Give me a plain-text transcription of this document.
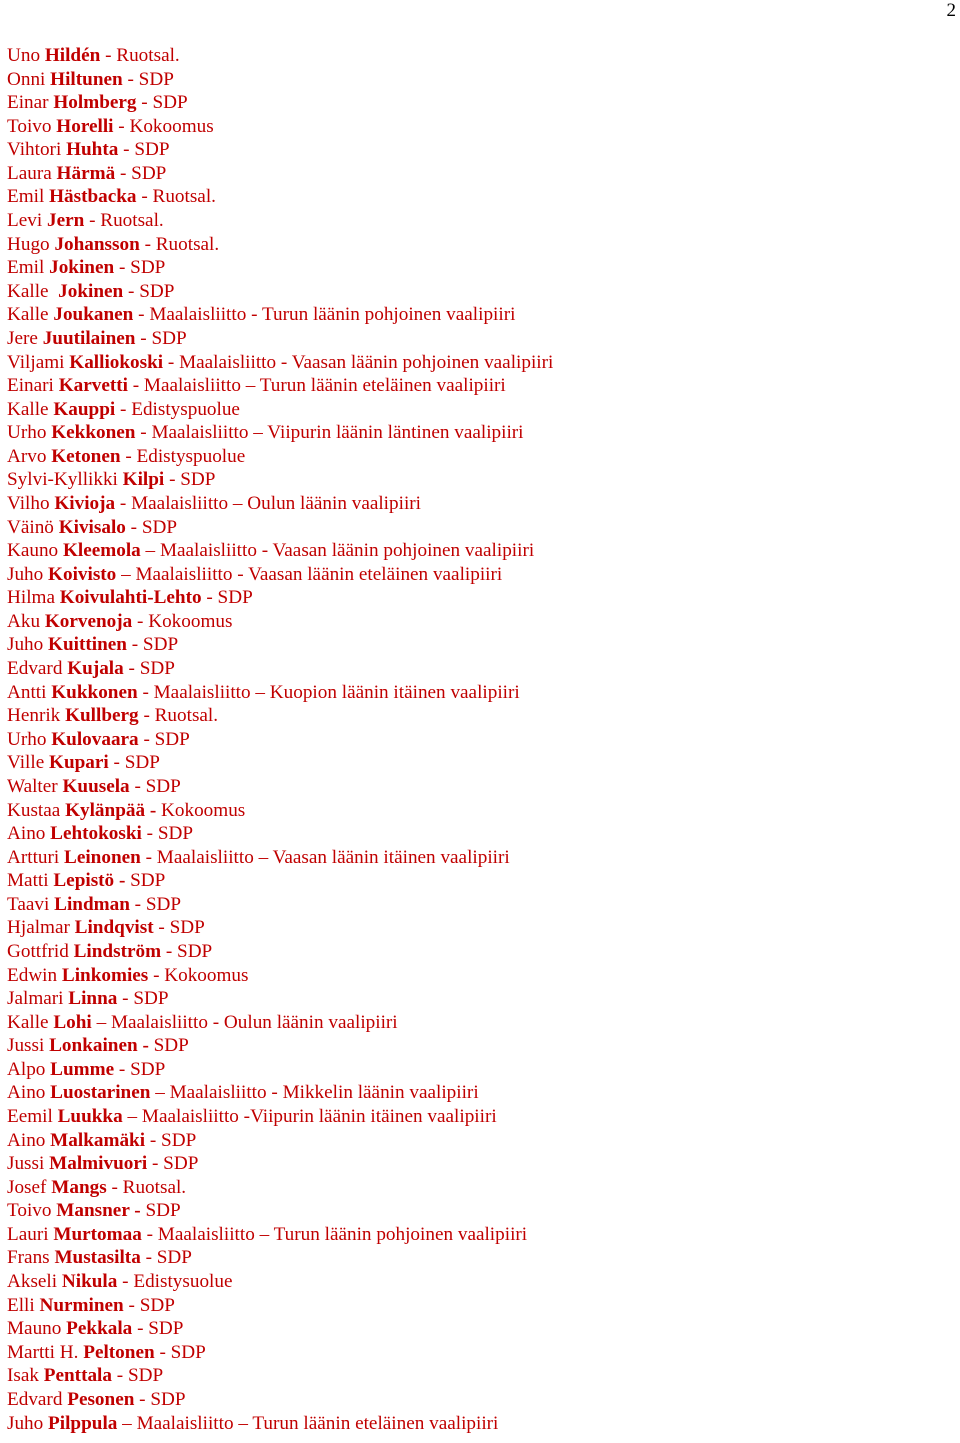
2
Uno Hildén - Ruotsal.
Onni Hiltunen - SDP
Einar Holmberg - SDP
Toivo Horelli - Kokoomus
Vihtori Huhta - SDP
Laura Härmä - SDP
Emil Hästbacka - Ruotsal.
Levi Jern - Ruotsal.
Hugo Johansson - Ruotsal.
Emil Jokinen - SDP
Kalle  Jokinen - SDP
Kalle Joukanen - Maalaisliitto - Turun läänin pohjoinen vaalipiiri
Jere Juutilainen - SDP
Viljami Kalliokoski - Maalaisliitto - Vaasan läänin pohjoinen vaalipiiri
Einari Karvetti - Maalaisliitto – Turun läänin eteläinen vaalipiiri
Kalle Kauppi - Edistyspuolue
Urho Kekkonen - Maalaisliitto – Viipurin läänin läntinen vaalipiiri
Arvo Ketonen - Edistyspuolue
Sylvi-Kyllikki Kilpi - SDP
Vilho Kivioja - Maalaisliitto – Oulun läänin vaalipiiri
Väinö Kivisalo - SDP
Kauno Kleemola – Maalaisliitto - Vaasan läänin pohjoinen vaalipiiri
Juho Koivisto – Maalaisliitto - Vaasan läänin eteläinen vaalipiiri
Hilma Koivulahti-Lehto - SDP
Aku Korvenoja - Kokoomus
Juho Kuittinen - SDP
Edvard Kujala - SDP
Antti Kukkonen - Maalaisliitto – Kuopion läänin itäinen vaalipiiri
Henrik Kullberg - Ruotsal.
Urho Kulovaara - SDP
Ville Kupari - SDP
Walter Kuusela - SDP
Kustaa Kylänpää - Kokoomus
Aino Lehtokoski - SDP
Artturi Leinonen - Maalaisliitto – Vaasan läänin itäinen vaalipiiri
Matti Lepistö - SDP
Taavi Lindman - SDP
Hjalmar Lindqvist - SDP
Gottfrid Lindström - SDP
Edwin Linkomies - Kokoomus
Jalmari Linna - SDP
Kalle Lohi – Maalaisliitto - Oulun läänin vaalipiiri
Jussi Lonkainen - SDP
Alpo Lumme - SDP
Aino Luostarinen – Maalaisliitto - Mikkelin läänin vaalipiiri
Eemil Luukka – Maalaisliitto -Viipurin läänin itäinen vaalipiiri
Aino Malkamäki - SDP
Jussi Malmivuori - SDP
Josef Mangs - Ruotsal.
Toivo Mansner - SDP
Lauri Murtomaa - Maalaisliitto – Turun läänin pohjoinen vaalipiiri
Frans Mustasilta - SDP
Akseli Nikula - Edistysuolue
Elli Nurminen - SDP
Mauno Pekkala - SDP
Martti H. Peltonen - SDP
Isak Penttala - SDP
Edvard Pesonen - SDP
Juho Pilppula – Maalaisliitto – Turun läänin eteläinen vaalipiiri
